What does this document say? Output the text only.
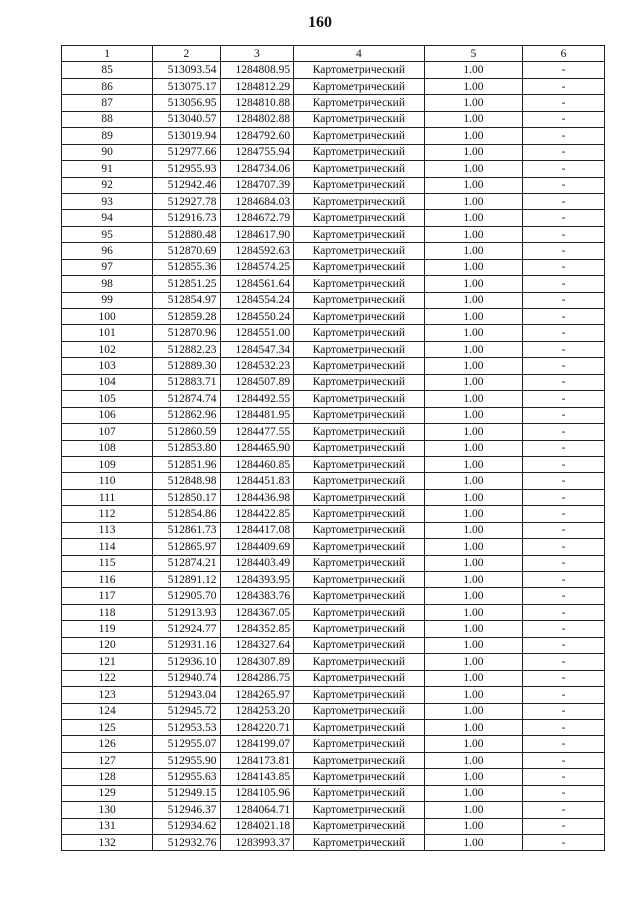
160
1	2	3	4	5	6
85	513093.54	1284808.95	Картометрический	1.00	-
86	513075.17	1284812.29	Картометрический	1.00	-
87	513056.95	1284810.88	Картометрический	1.00	-
88	513040.57	1284802.88	Картометрический	1.00	-
89	513019.94	1284792.60	Картометрический	1.00	-
90	512977.66	1284755.94	Картометрический	1.00	-
91	512955.93	1284734.06	Картометрический	1.00	-
92	512942.46	1284707.39	Картометрический	1.00	-
93	512927.78	1284684.03	Картометрический	1.00	-
94	512916.73	1284672.79	Картометрический	1.00	-
95	512880.48	1284617.90	Картометрический	1.00	-
96	512870.69	1284592.63	Картометрический	1.00	-
97	512855.36	1284574.25	Картометрический	1.00	-
98	512851.25	1284561.64	Картометрический	1.00	-
99	512854.97	1284554.24	Картометрический	1.00	-
100	512859.28	1284550.24	Картометрический	1.00	-
101	512870.96	1284551.00	Картометрический	1.00	-
102	512882.23	1284547.34	Картометрический	1.00	-
103	512889.30	1284532.23	Картометрический	1.00	-
104	512883.71	1284507.89	Картометрический	1.00	-
105	512874.74	1284492.55	Картометрический	1.00	-
106	512862.96	1284481.95	Картометрический	1.00	-
107	512860.59	1284477.55	Картометрический	1.00	-
108	512853.80	1284465.90	Картометрический	1.00	-
109	512851.96	1284460.85	Картометрический	1.00	-
110	512848.98	1284451.83	Картометрический	1.00	-
111	512850.17	1284436.98	Картометрический	1.00	-
112	512854.86	1284422.85	Картометрический	1.00	-
113	512861.73	1284417.08	Картометрический	1.00	-
114	512865.97	1284409.69	Картометрический	1.00	-
115	512874.21	1284403.49	Картометрический	1.00	-
116	512891.12	1284393.95	Картометрический	1.00	-
117	512905.70	1284383.76	Картометрический	1.00	-
118	512913.93	1284367.05	Картометрический	1.00	-
119	512924.77	1284352.85	Картометрический	1.00	-
120	512931.16	1284327.64	Картометрический	1.00	-
121	512936.10	1284307.89	Картометрический	1.00	-
122	512940.74	1284286.75	Картометрический	1.00	-
123	512943.04	1284265.97	Картометрический	1.00	-
124	512945.72	1284253.20	Картометрический	1.00	-
125	512953.53	1284220.71	Картометрический	1.00	-
126	512955.07	1284199.07	Картометрический	1.00	-
127	512955.90	1284173.81	Картометрический	1.00	-
128	512955.63	1284143.85	Картометрический	1.00	-
129	512949.15	1284105.96	Картометрический	1.00	-
130	512946.37	1284064.71	Картометрический	1.00	-
131	512934.62	1284021.18	Картометрический	1.00	-
132	512932.76	1283993.37	Картометрический	1.00	-
